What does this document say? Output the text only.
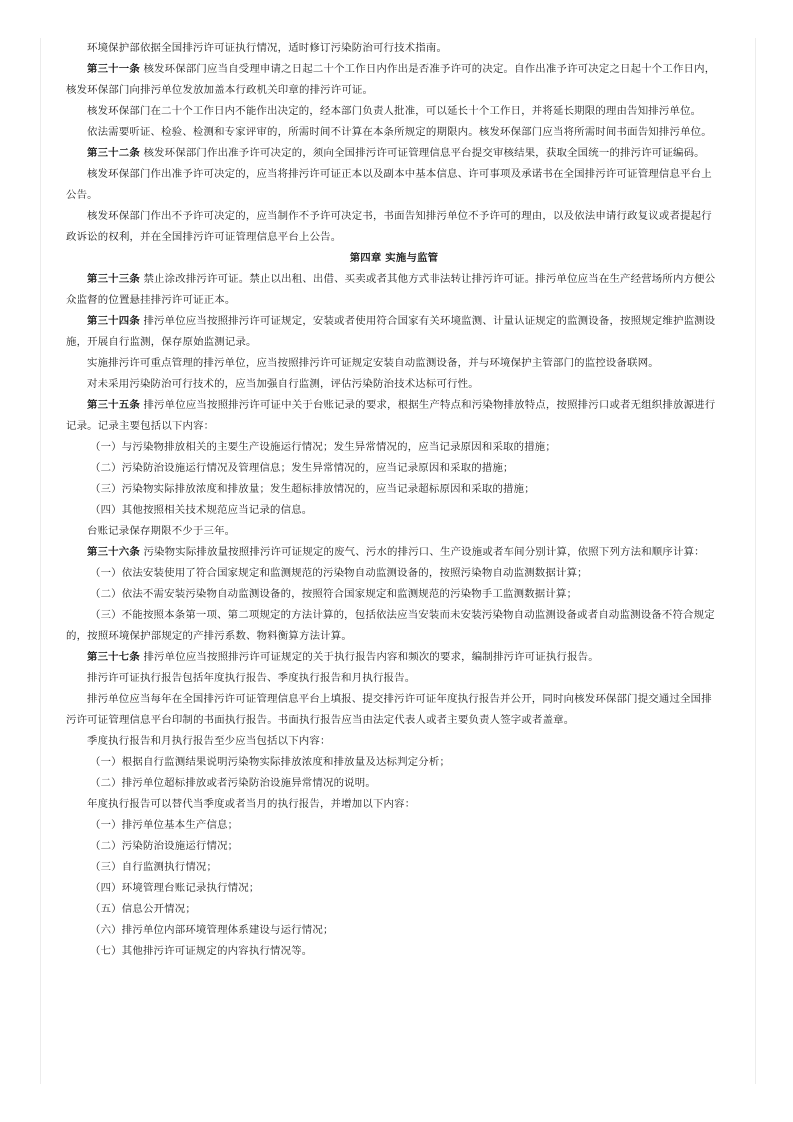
环境保护部依据全国排污许可证执行情况，适时修订污染防治可行技术指南。

第三十一条 核发环保部门应当自受理申请之日起二十个工作日内作出是否准予许可的决定。自作出准予许可决定之日起十个工作日内，核发环保部门向排污单位发放加盖本行政机关印章的排污许可证。

核发环保部门在二十个工作日内不能作出决定的，经本部门负责人批准，可以延长十个工作日，并将延长期限的理由告知排污单位。

依法需要听证、检验、检测和专家评审的，所需时间不计算在本条所规定的期限内。核发环保部门应当将所需时间书面告知排污单位。

第三十二条 核发环保部门作出准予许可决定的，须向全国排污许可证管理信息平台提交审核结果，获取全国统一的排污许可证编码。

核发环保部门作出准予许可决定的，应当将排污许可证正本以及副本中基本信息、许可事项及承诺书在全国排污许可证管理信息平台上公告。

核发环保部门作出不予许可决定的，应当制作不予许可决定书，书面告知排污单位不予许可的理由，以及依法申请行政复议或者提起行政诉讼的权利，并在全国排污许可证管理信息平台上公告。

第四章 实施与监管

第三十三条 禁止涂改排污许可证。禁止以出租、出借、买卖或者其他方式非法转让排污许可证。排污单位应当在生产经营场所内方便公众监督的位置悬挂排污许可证正本。

第三十四条 排污单位应当按照排污许可证规定，安装或者使用符合国家有关环境监测、计量认证规定的监测设备，按照规定维护监测设施，开展自行监测，保存原始监测记录。

实施排污许可重点管理的排污单位，应当按照排污许可证规定安装自动监测设备，并与环境保护主管部门的监控设备联网。

对未采用污染防治可行技术的，应当加强自行监测，评估污染防治技术达标可行性。

第三十五条 排污单位应当按照排污许可证中关于台账记录的要求，根据生产特点和污染物排放特点，按照排污口或者无组织排放源进行记录。记录主要包括以下内容：

（一）与污染物排放相关的主要生产设施运行情况；发生异常情况的，应当记录原因和采取的措施；

（二）污染防治设施运行情况及管理信息；发生异常情况的，应当记录原因和采取的措施；

（三）污染物实际排放浓度和排放量；发生超标排放情况的，应当记录超标原因和采取的措施；

（四）其他按照相关技术规范应当记录的信息。

台账记录保存期限不少于三年。

第三十六条 污染物实际排放量按照排污许可证规定的废气、污水的排污口、生产设施或者车间分别计算，依照下列方法和顺序计算：

（一）依法安装使用了符合国家规定和监测规范的污染物自动监测设备的，按照污染物自动监测数据计算；

（二）依法不需安装污染物自动监测设备的，按照符合国家规定和监测规范的污染物手工监测数据计算；

（三）不能按照本条第一项、第二项规定的方法计算的，包括依法应当安装而未安装污染物自动监测设备或者自动监测设备不符合规定的，按照环境保护部规定的产排污系数、物料衡算方法计算。

第三十七条 排污单位应当按照排污许可证规定的关于执行报告内容和频次的要求，编制排污许可证执行报告。

排污许可证执行报告包括年度执行报告、季度执行报告和月执行报告。

排污单位应当每年在全国排污许可证管理信息平台上填报、提交排污许可证年度执行报告并公开，同时向核发环保部门提交通过全国排污许可证管理信息平台印制的书面执行报告。书面执行报告应当由法定代表人或者主要负责人签字或者盖章。

季度执行报告和月执行报告至少应当包括以下内容：

（一）根据自行监测结果说明污染物实际排放浓度和排放量及达标判定分析；

（二）排污单位超标排放或者污染防治设施异常情况的说明。

年度执行报告可以替代当季度或者当月的执行报告，并增加以下内容：

（一）排污单位基本生产信息；

（二）污染防治设施运行情况；

（三）自行监测执行情况；

（四）环境管理台账记录执行情况；

（五）信息公开情况；

（六）排污单位内部环境管理体系建设与运行情况；

（七）其他排污许可证规定的内容执行情况等。
